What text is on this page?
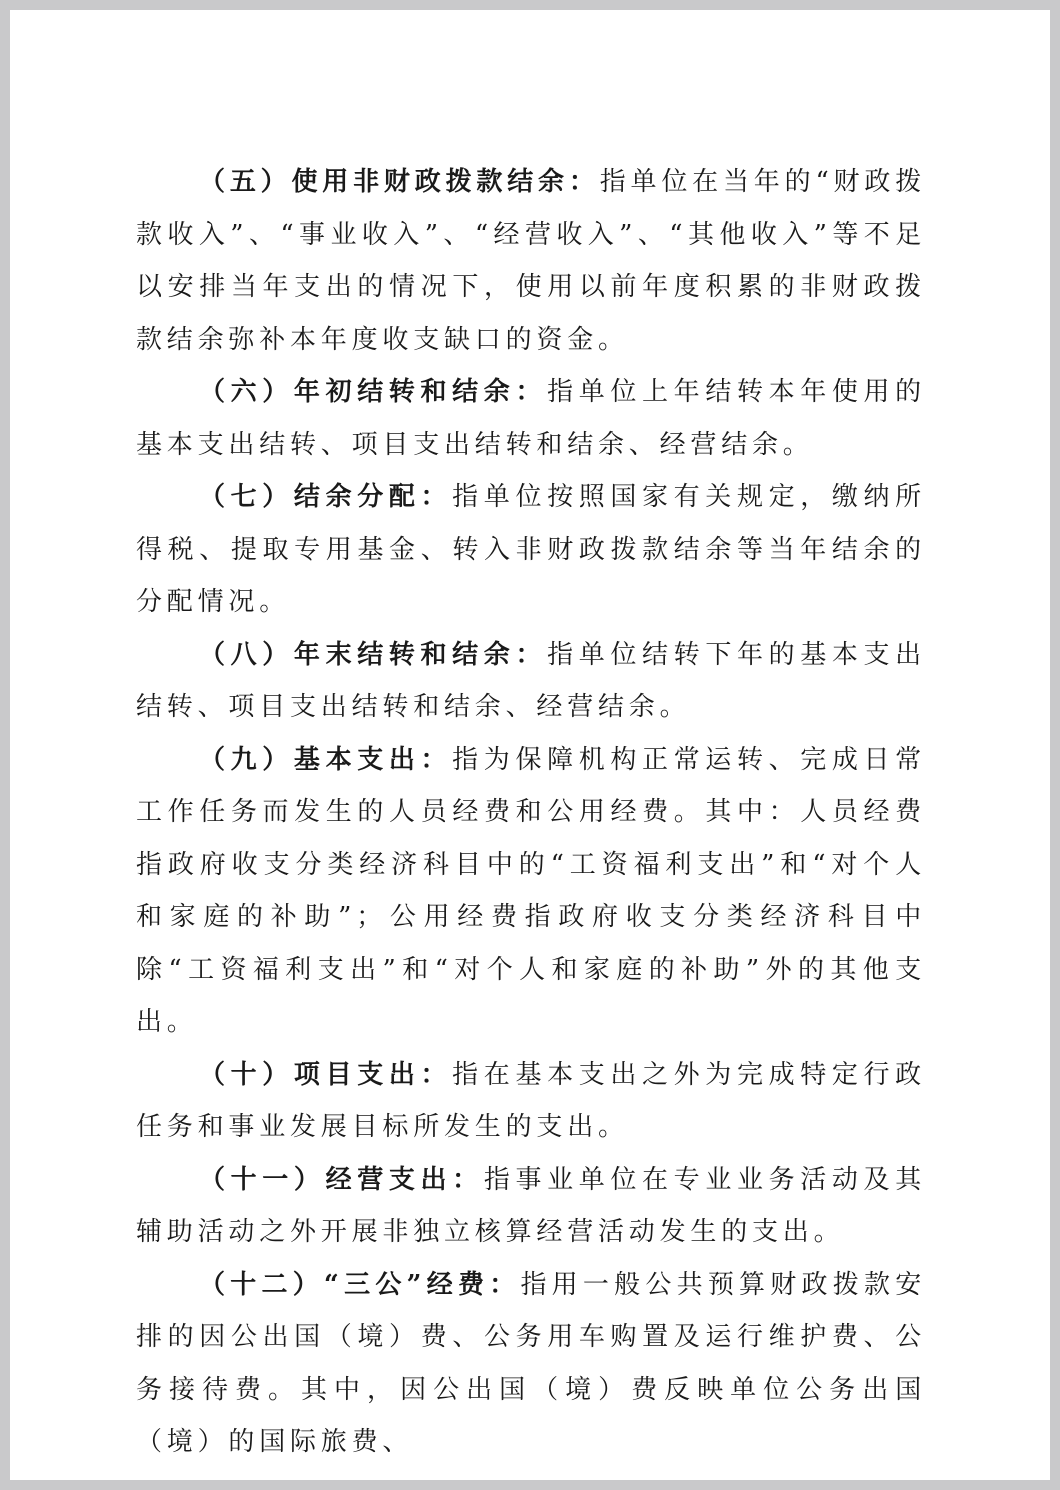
（五）使用非财政拨款结余：指单位在当年的“财政拨款收入”、“事业收入”、“经营收入”、“其他收入”等不足以安排当年支出的情况下，使用以前年度积累的非财政拨款结余弥补本年度收支缺口的资金。

（六）年初结转和结余：指单位上年结转本年使用的基本支出结转、项目支出结转和结余、经营结余。

（七）结余分配：指单位按照国家有关规定，缴纳所得税、提取专用基金、转入非财政拨款结余等当年结余的分配情况。

（八）年末结转和结余：指单位结转下年的基本支出结转、项目支出结转和结余、经营结余。

（九）基本支出：指为保障机构正常运转、完成日常工作任务而发生的人员经费和公用经费。其中：人员经费指政府收支分类经济科目中的“工资福利支出”和“对个人和家庭的补助”；公用经费指政府收支分类经济科目中除“工资福利支出”和“对个人和家庭的补助”外的其他支出。

（十）项目支出：指在基本支出之外为完成特定行政任务和事业发展目标所发生的支出。

（十一）经营支出：指事业单位在专业业务活动及其辅助活动之外开展非独立核算经营活动发生的支出。

（十二）“三公”经费：指用一般公共预算财政拨款安排的因公出国（境）费、公务用车购置及运行维护费、公务接待费。其中，因公出国（境）费反映单位公务出国（境）的国际旅费、
